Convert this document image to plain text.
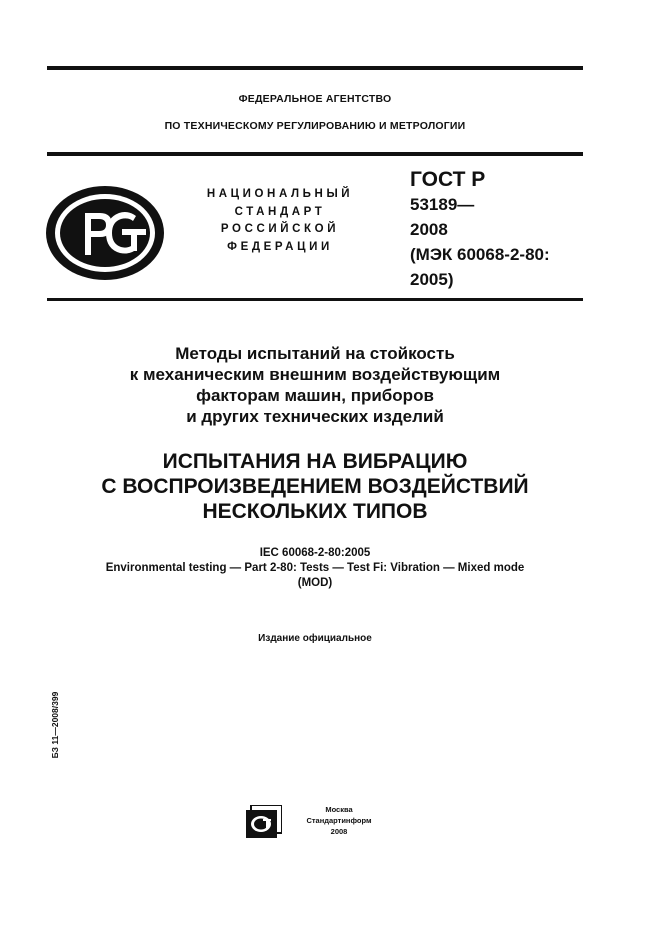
ФЕДЕРАЛЬНОЕ АГЕНТСТВО
ПО ТЕХНИЧЕСКОМУ РЕГУЛИРОВАНИЮ И МЕТРОЛОГИИ
НАЦИОНАЛЬНЫЙ
СТАНДАРТ
РОССИЙСКОЙ
ФЕДЕРАЦИИ
ГОСТ Р
53189—
2008
(МЭК 60068-2-80:
2005)
Методы испытаний на стойкость
к механическим внешним воздействующим
факторам машин, приборов
и других технических изделий
ИСПЫТАНИЯ НА ВИБРАЦИЮ
С ВОСПРОИЗВЕДЕНИЕМ ВОЗДЕЙСТВИЙ
НЕСКОЛЬКИХ ТИПОВ
IEC 60068-2-80:2005
Environmental testing — Part 2-80: Tests — Test Fi: Vibration — Mixed mode
(MOD)
Издание официальное
БЗ 11—2008/399
Москва
Стандартинформ
2008
